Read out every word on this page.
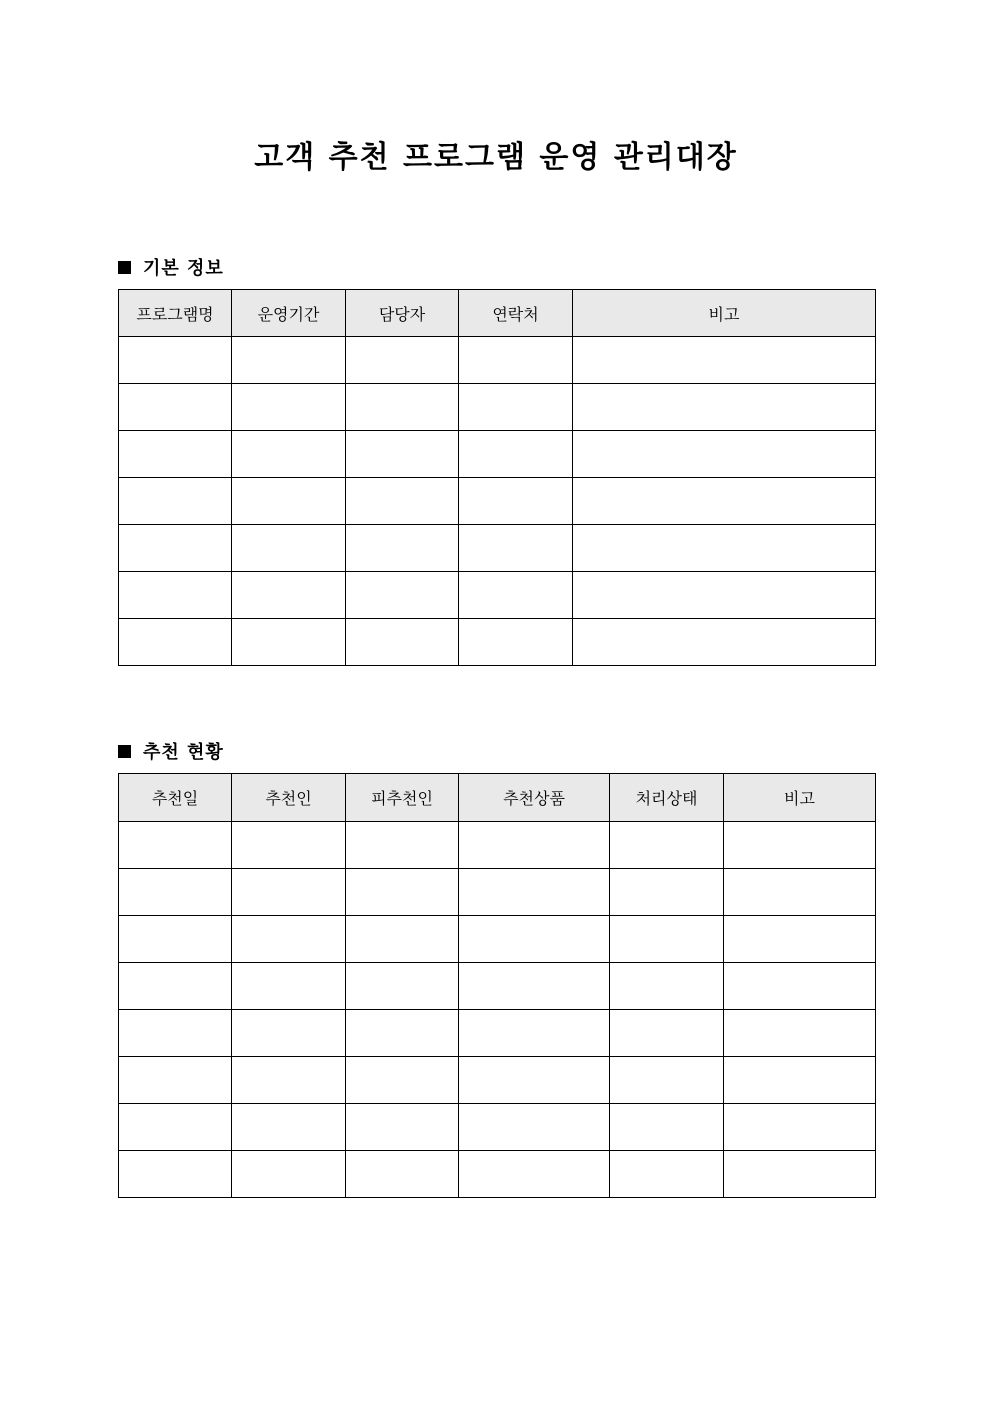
고객 추천 프로그램 운영 관리대장
기본 정보
프로그램명	운영기간	담당자	연락처	비고

추천 현황
추천일	추천인	피추천인	추천상품	처리상태	비고
